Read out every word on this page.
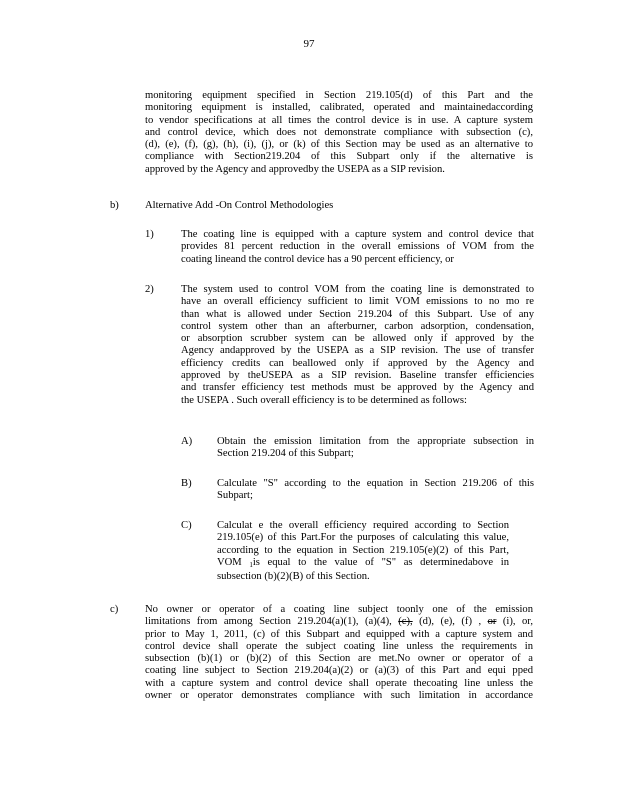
97
monitoring equipment specified in Section 219.105(d) of this Part and the
monitoring equipment is installed, calibrated, operated and maintainedaccording
to vendor specifications at all times the control device is in use. A capture system
and control device, which does not demonstrate compliance with subsection (c),
(d), (e), (f), (g), (h), (i), (j), or (k) of this Section may be used as an alternative to
compliance with Section219.204 of this Subpart only if the alternative is
approved by the Agency and approvedby the USEPA as a SIP revision.
b) Alternative Add -On Control Methodologies
1)	The coating line is equipped with a capture system and control device that
provides 81 percent reduction in the overall emissions of VOM from the
coating lineand the control device has a 90 percent efficiency, or
2)	The system used to control VOM from the coating line is demonstrated to
have an overall efficiency sufficient to limit VOM emissions to no mo re
than what is allowed under Section 219.204 of this Subpart. Use of any
control system other than an afterburner, carbon adsorption, condensation,
or absorption scrubber system can be allowed only if approved by the
Agency andapproved by the USEPA as a SIP revision. The use of transfer
efficiency credits can beallowed only if approved by the Agency and
approved by theUSEPA as a SIP revision. Baseline transfer efficiencies
and transfer efficiency test methods must be approved by the Agency and
the USEPA . Such overall efficiency is to be determined as follows:
A) Obtain the emission limitation from the appropriate subsection in
Section 219.204 of this Subpart;
B) Calculate "S" according to the equation in Section 219.206 of this
Subpart;
C) Calculat e the overall efficiency required according to Section
219.105(e) of this Part.For the purposes of calculating this value,
according to the equation in Section 219.105(e)(2) of this Part,
VOM $_1$is equal to the value of "S" as determinedabove in
subsection (b)(2)(B) of this Section.
c)	No owner or operator of a coating line subject toonly one of the emission
limitations from among Section 219.204(a)(1), (a)(4), (c), (d), (e), (f) , or (i), or,
prior to May 1, 2011, (c) of this Subpart and equipped with a capture system and
control device shall operate the subject coating line unless the requirements in
subsection (b)(1) or (b)(2) of this Section are met.No owner or operator of a
coating line subject to Section 219.204(a)(2) or (a)(3) of this Part and equi pped
with a capture system and control device shall operate thecoating line unless the
owner or operator demonstrates compliance with such limitation in accordance
